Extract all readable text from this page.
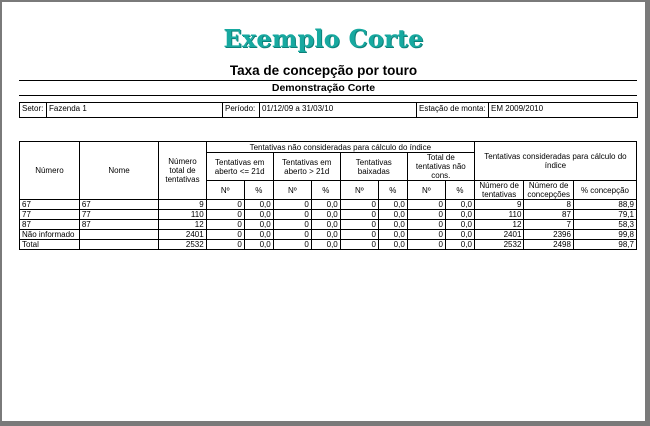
Exemplo Corte
Taxa de concepção por touro
Demonstração Corte
Setor: Fazenda 1	Período: 01/12/09 a 31/03/10	Estação de monta: EM 2009/2010
Número	Nome	Número total de tentativas	Tentativas não consideradas para cálculo do índice								Tentativas consideradas para cálculo do índice		
			Tentativas em aberto <= 21d		Tentativas em aberto > 21d		Tentativas baixadas		Total de tentativas não cons.				
			Nº	%	Nº	%	Nº	%	Nº	%	Número de tentativas	Número de concepções	% concepção
67	67	9	0	0,0	0	0,0	0	0,0	0	0,0	9	8	88,9
77	77	110	0	0,0	0	0,0	0	0,0	0	0,0	110	87	79,1
87	87	12	0	0,0	0	0,0	0	0,0	0	0,0	12	7	58,3
Não informado		2401	0	0,0	0	0,0	0	0,0	0	0,0	2401	2396	99,8
Total		2532	0	0,0	0	0,0	0	0,0	0	0,0	2532	2498	98,7
